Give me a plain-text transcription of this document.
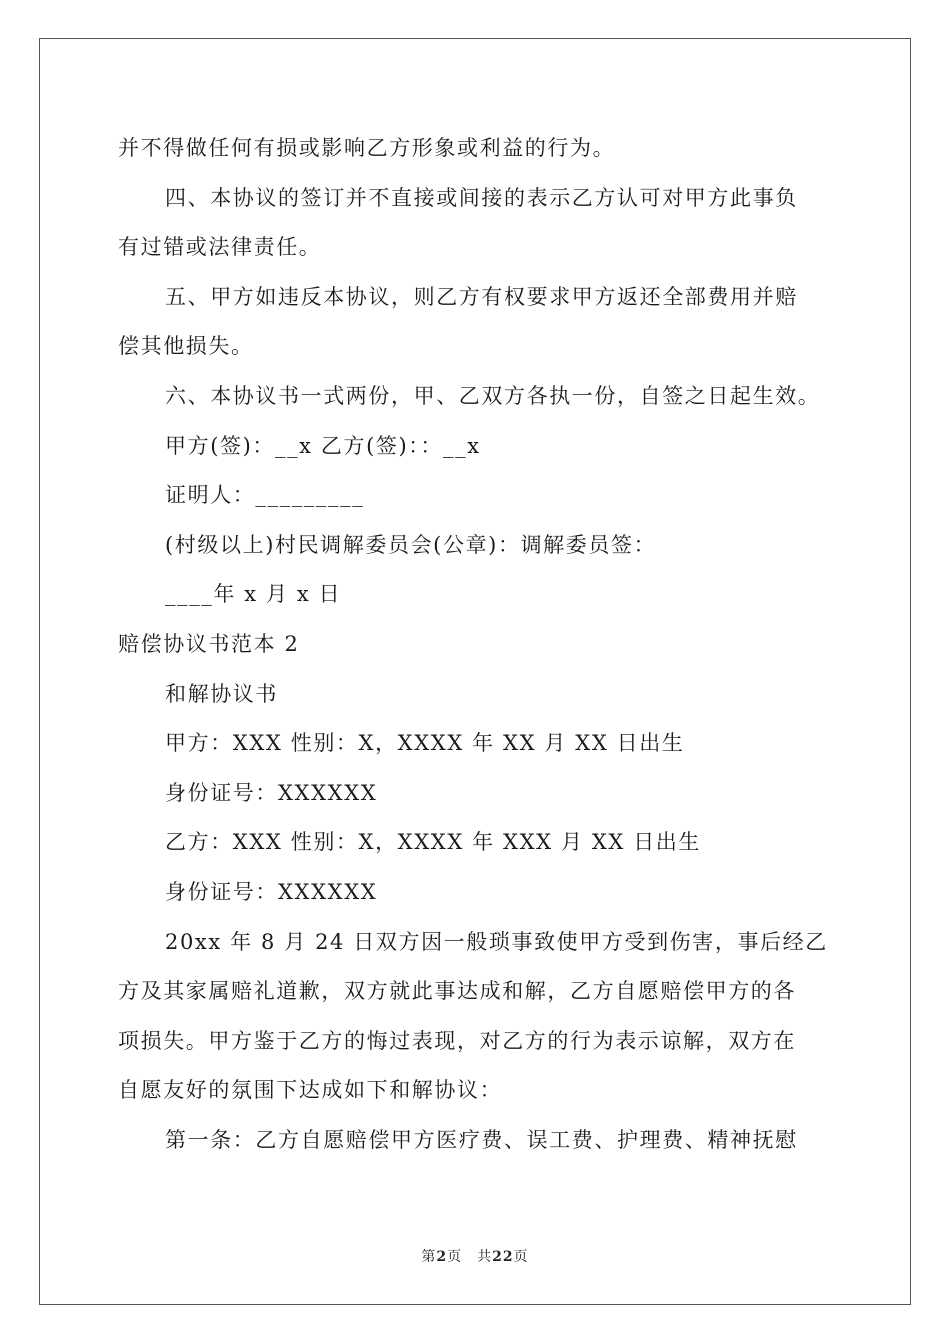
并不得做任何有损或影响乙方形象或利益的行为。
四、本协议的签订并不直接或间接的表示乙方认可对甲方此事负
有过错或法律责任。
五、甲方如违反本协议，则乙方有权要求甲方返还全部费用并赔
偿其他损失。
六、本协议书一式两份，甲、乙双方各执一份，自签之日起生效。
甲方(签)：__x 乙方(签)：：__x
证明人：_________
(村级以上)村民调解委员会(公章)：调解委员签：
____年 x 月 x 日
赔偿协议书范本 2
和解协议书
甲方：XXX 性别：X，XXXX 年 XX 月 XX 日出生
身份证号：XXXXXX
乙方：XXX 性别：X，XXXX 年 XXX 月 XX 日出生
身份证号：XXXXXX
20xx 年 8 月 24 日双方因一般琐事致使甲方受到伤害，事后经乙
方及其家属赔礼道歉，双方就此事达成和解，乙方自愿赔偿甲方的各
项损失。甲方鉴于乙方的悔过表现，对乙方的行为表示谅解，双方在
自愿友好的氛围下达成如下和解协议：
第一条：乙方自愿赔偿甲方医疗费、误工费、护理费、精神抚慰
第2页　共22页
